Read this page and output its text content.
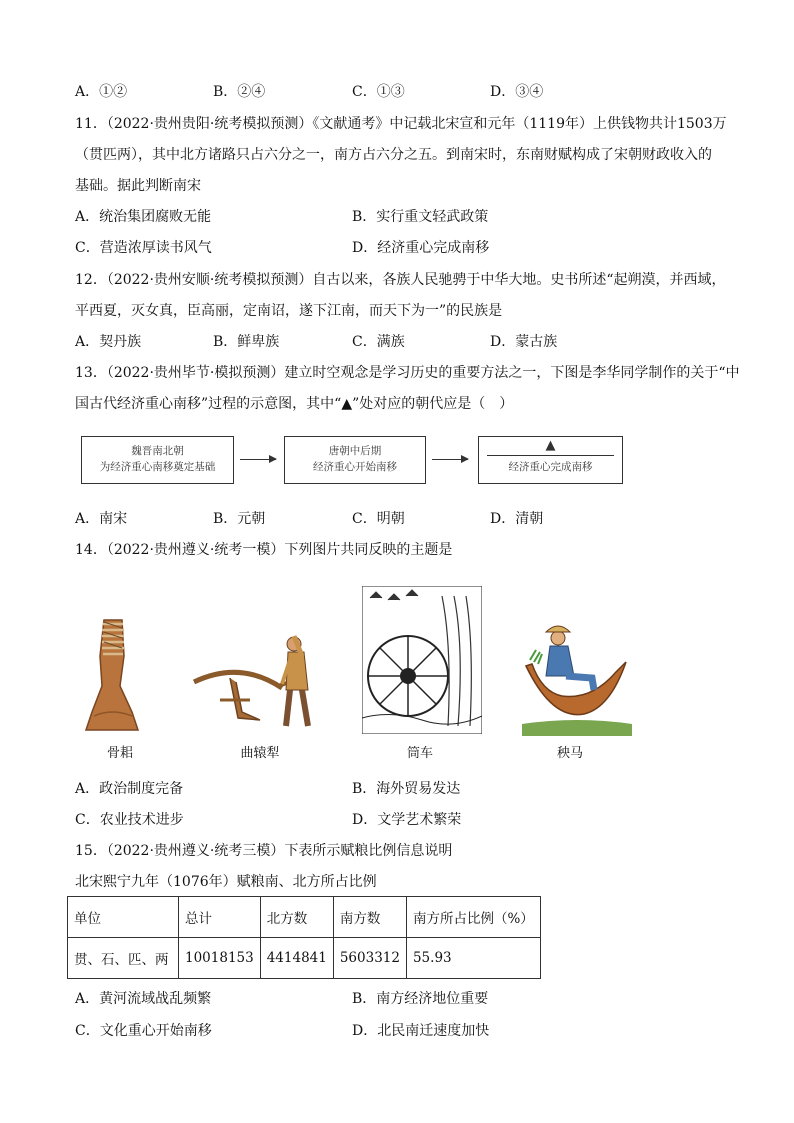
A．①②	B．②④	C．①③	D．③④
11．（2022·贵州贵阳·统考模拟预测）《文献通考》中记载北宋宣和元年（1119年）上供钱物共计1503万
（贯匹两），其中北方诸路只占六分之一，南方占六分之五。到南宋时，东南财赋构成了宋朝财政收入的
基础。据此判断南宋
A．统治集团腐败无能	B．实行重文轻武政策
C．营造浓厚读书风气	D．经济重心完成南移
12．（2022·贵州安顺·统考模拟预测）自古以来，各族人民驰骋于中华大地。史书所述“起朔漠，并西域，
平西夏，灭女真，臣高丽，定南诏，遂下江南，而天下为一”的民族是
A．契丹族	B．鲜卑族	C．满族	D．蒙古族
13．（2022·贵州毕节·模拟预测）建立时空观念是学习历史的重要方法之一，下图是李华同学制作的关于“中
国古代经济重心南移”过程的示意图，其中“▲”处对应的朝代应是（　）
魏晋南北朝
为经济重心南移奠定基础
唐朝中后期
经济重心开始南移
▲
经济重心完成南移
A．南宋	B．元朝	C．明朝	D．清朝
14．（2022·贵州遵义·统考一模）下列图片共同反映的主题是
骨耜	曲辕犁	筒车	秧马
A．政治制度完备	B．海外贸易发达
C．农业技术进步	D．文学艺术繁荣
15．（2022·贵州遵义·统考三模）下表所示赋粮比例信息说明
北宋熙宁九年（1076年）赋粮南、北方所占比例
单位	总计	北方数	南方数	南方所占比例（%）
贯、石、匹、两	10018153	4414841	5603312	55.93
A．黄河流域战乱频繁	B．南方经济地位重要
C．文化重心开始南移	D．北民南迁速度加快
